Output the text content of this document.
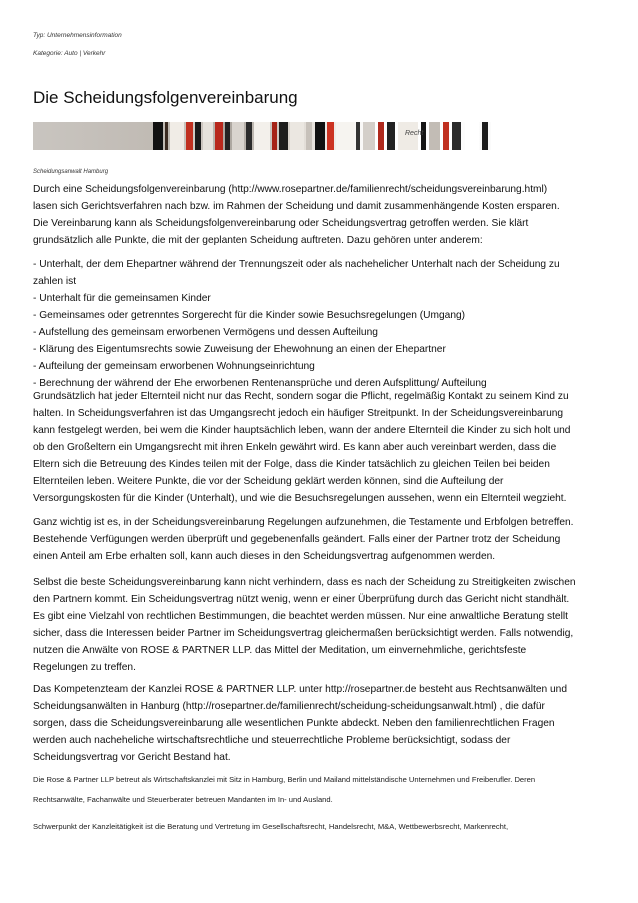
Typ: Unternehmensinformation
Kategorie: Auto | Verkehr
Die Scheidungsfolgenvereinbarung
Recht
Scheidungsanwalt Hamburg

Durch eine Scheidungsfolgenvereinbarung (http://www.rosepartner.de/familienrecht/scheidungsvereinbarung.html)

lasen sich Gerichtsverfahren nach bzw. im Rahmen der Scheidung und damit zusammenhängende Kosten ersparen.

Die Vereinbarung kann als Scheidungsfolgenvereinbarung oder Scheidungsvertrag getroffen werden. Sie klärt

grundsätzlich alle Punkte, die mit der geplanten Scheidung auftreten. Dazu gehören unter anderem:

- Unterhalt, der dem Ehepartner während der Trennungszeit oder als nachehelicher Unterhalt nach der Scheidung zu

zahlen ist

- Unterhalt für die gemeinsamen Kinder

- Gemeinsames oder getrenntes Sorgerecht für die Kinder sowie Besuchsregelungen (Umgang)

- Aufstellung des gemeinsam erworbenen Vermögens und dessen Aufteilung

- Klärung des Eigentumsrechts sowie Zuweisung der Ehewohnung an einen der Ehepartner

- Aufteilung der gemeinsam erworbenen Wohnungseinrichtung

- Berechnung der während der Ehe erworbenen Rentenansprüche und deren Aufsplittung/ Aufteilung

Grundsätzlich hat jeder Elternteil nicht nur das Recht, sondern sogar die Pflicht, regelmäßig Kontakt zu seinem Kind zu

halten. In Scheidungsverfahren ist das Umgangsrecht jedoch ein häufiger Streitpunkt. In der Scheidungsvereinbarung

kann festgelegt werden, bei wem die Kinder hauptsächlich leben, wann der andere Elternteil die Kinder zu sich holt und

ob den Großeltern ein Umgangsrecht mit ihren Enkeln gewährt wird. Es kann aber auch vereinbart werden, dass die

Eltern sich die Betreuung des Kindes teilen mit der Folge, dass die Kinder tatsächlich zu gleichen Teilen bei beiden

Elternteilen leben. Weitere Punkte, die vor der Scheidung geklärt werden können, sind die Aufteilung der

Versorgungskosten für die Kinder (Unterhalt), und wie die Besuchsregelungen aussehen, wenn ein Elternteil wegzieht.

Ganz wichtig ist es, in der Scheidungsvereinbarung Regelungen aufzunehmen, die Testamente und Erbfolgen betreffen.

Bestehende Verfügungen werden überprüft und gegebenenfalls geändert. Falls einer der Partner trotz der Scheidung

einen Anteil am Erbe erhalten soll, kann auch dieses in den Scheidungsvertrag aufgenommen werden.

Selbst die beste Scheidungsvereinbarung kann nicht verhindern, dass es nach der Scheidung zu Streitigkeiten zwischen

den Partnern kommt. Ein Scheidungsvertrag nützt wenig, wenn er einer Überprüfung durch das Gericht nicht standhält.

Es gibt eine Vielzahl von rechtlichen Bestimmungen, die beachtet werden müssen. Nur eine anwaltliche Beratung stellt

sicher, dass die Interessen beider Partner im Scheidungsvertrag gleichermaßen berücksichtigt werden. Falls notwendig,

nutzen die Anwälte von ROSE & PARTNER LLP. das Mittel der Meditation, um einvernehmliche, gerichtsfeste

Regelungen zu treffen.

Das Kompetenzteam der Kanzlei ROSE & PARTNER LLP. unter http://rosepartner.de besteht aus Rechtsanwälten und

Scheidungsanwälten in Hanburg (http://rosepartner.de/familienrecht/scheidung-scheidungsanwalt.html) , die dafür

sorgen, dass die Scheidungsvereinbarung alle wesentlichen Punkte abdeckt. Neben den familienrechtlichen Fragen

werden auch nacheheliche wirtschaftsrechtliche und steuerrechtliche Probleme berücksichtigt, sodass der

Scheidungsvertrag vor Gericht Bestand hat.

Die Rose & Partner LLP betreut als Wirtschaftskanzlei mit Sitz in Hamburg, Berlin und Mailand mittelständische Unternehmen und Freiberufler. Deren

Rechtsanwälte, Fachanwälte und Steuerberater betreuen Mandanten im In- und Ausland.

Schwerpunkt der Kanzleitätigkeit ist die Beratung und Vertretung im Gesellschaftsrecht, Handelsrecht, M&A, Wettbewerbsrecht, Markenrecht,
